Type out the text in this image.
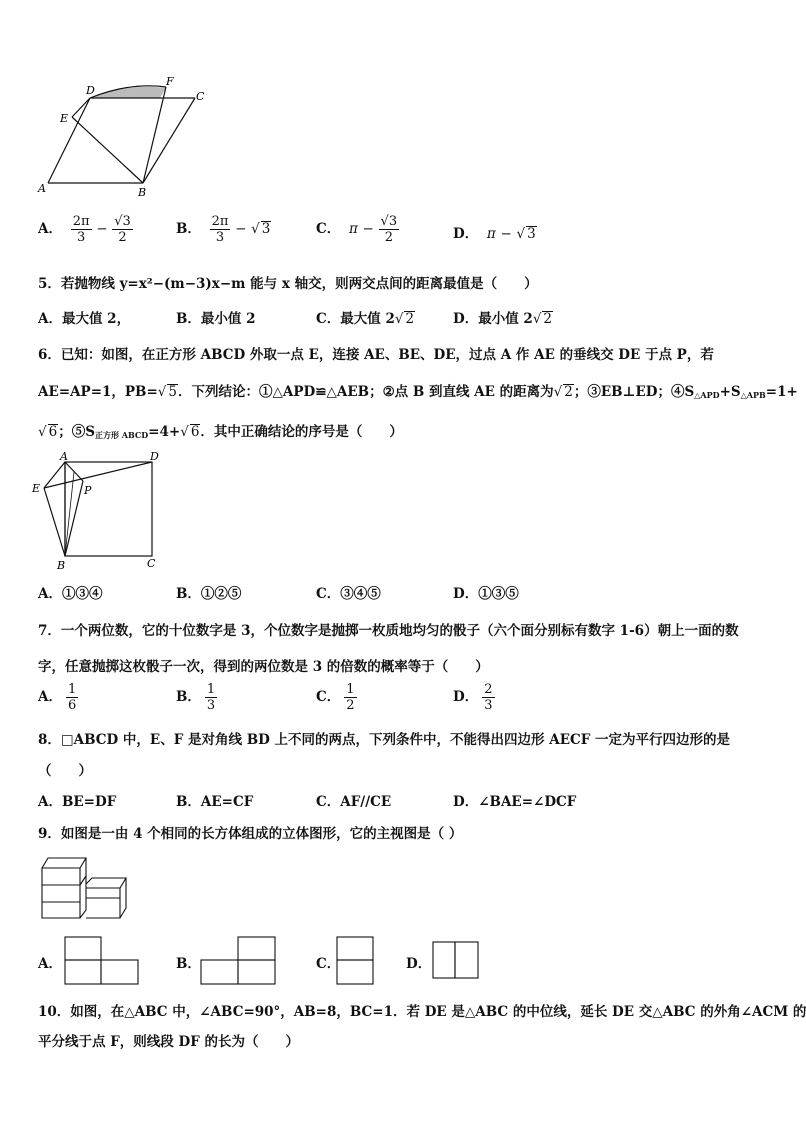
D
F
C
E
A	B
A． $\frac{2\pi}{3} - \frac{√3}{2}$	B． $\frac{2\pi}{3}$ − √ 3	C． $\pi - \frac{√3}{2}$	D． π − √ 3
5．若抛物线 y=x²−(m−3)x−m 能与 x 轴交，则两交点间的距离最值是（　　）
A．最大值 2，	B．最小值 2	C．最大值 2√ 2	D．最小值 2√ 2
6．已知：如图，在正方形 ABCD 外取一点 E，连接 AE、BE、DE，过点 A 作 AE 的垂线交 DE 于点 P，若
AE=AP=1，PB=√ 5．下列结论：①△APD≌△AEB；②点 B 到直线 AE 的距离为√ 2；③EB⊥ED；$④S_{\triangle APD}+S_{\triangle APB}=1+$
√ 6；$⑤S_{正方形 ABCD}=4+√$ 6．其中正确结论的序号是（　　）
A	D
E	P
B	C
A．①③④	B．①②⑤	C．③④⑤	D．①③⑤
7．一个两位数，它的十位数字是 3，个位数字是抛掷一枚质地均匀的骰子（六个面分别标有数字 1-6）朝上一面的数
字，任意抛掷这枚骰子一次，得到的两位数是 3 的倍数的概率等于（　　）
A． $\frac{1}{6}$	B． $\frac{1}{3}$	C． $\frac{1}{2}$	D． $\frac{2}{3}$
8．□ABCD 中，E、F 是对角线 BD 上不同的两点，下列条件中，不能得出四边形 AECF 一定为平行四边形的是
（　　）
A．BE=DF	B．AE=CF	C．AF//CE	D．∠BAE=∠DCF
9．如图是一由 4 个相同的长方体组成的立体图形，它的主视图是（ ）
A．	B．	C．	D．
10．如图，在△ABC 中，∠ABC=90°，AB=8，BC=1．若 DE 是△ABC 的中位线，延长 DE 交△ABC 的外角∠ACM 的
平分线于点 F，则线段 DF 的长为（　　）
